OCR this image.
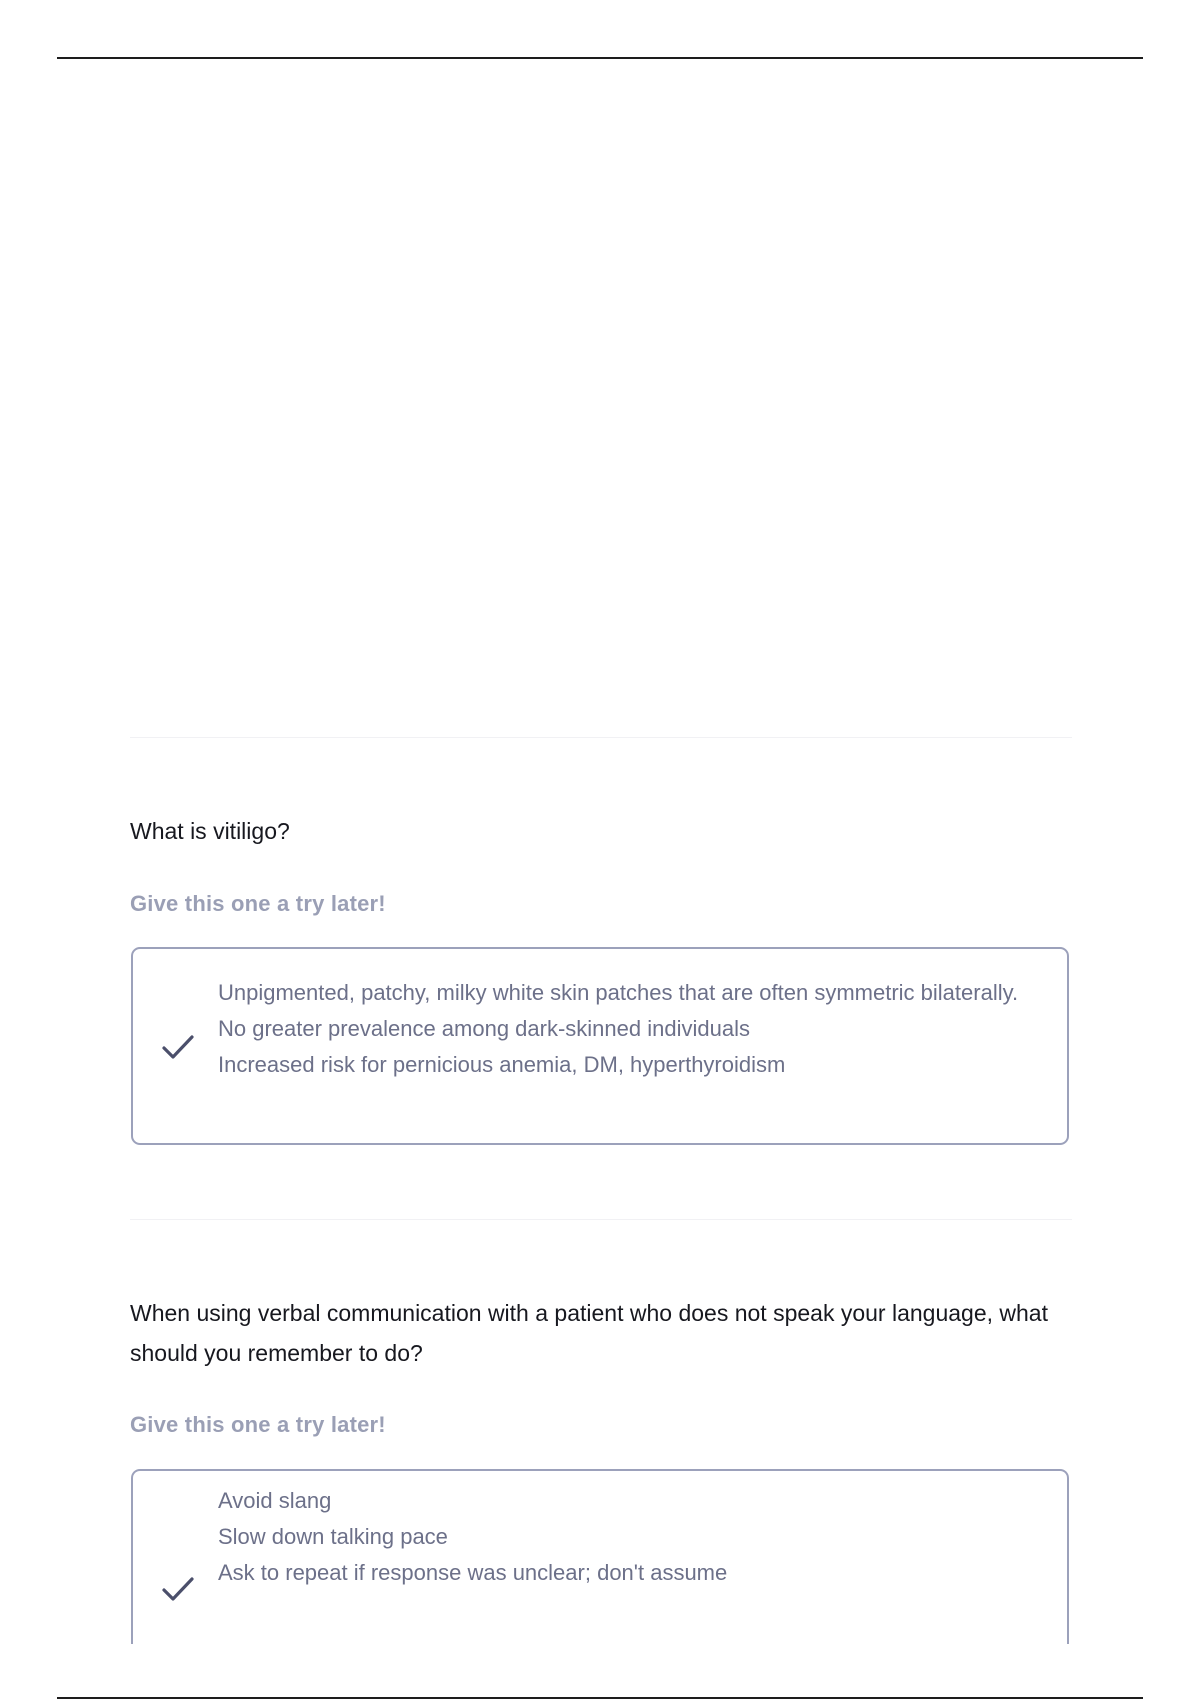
What is vitiligo?
Give this one a try later!
Unpigmented, patchy, milky white skin patches that are often symmetric bilaterally.
No greater prevalence among dark-skinned individuals
Increased risk for pernicious anemia, DM, hyperthyroidism
When using verbal communication with a patient who does not speak your language, what should you remember to do?
Give this one a try later!
Avoid slang
Slow down talking pace
Ask to repeat if response was unclear; don't assume
